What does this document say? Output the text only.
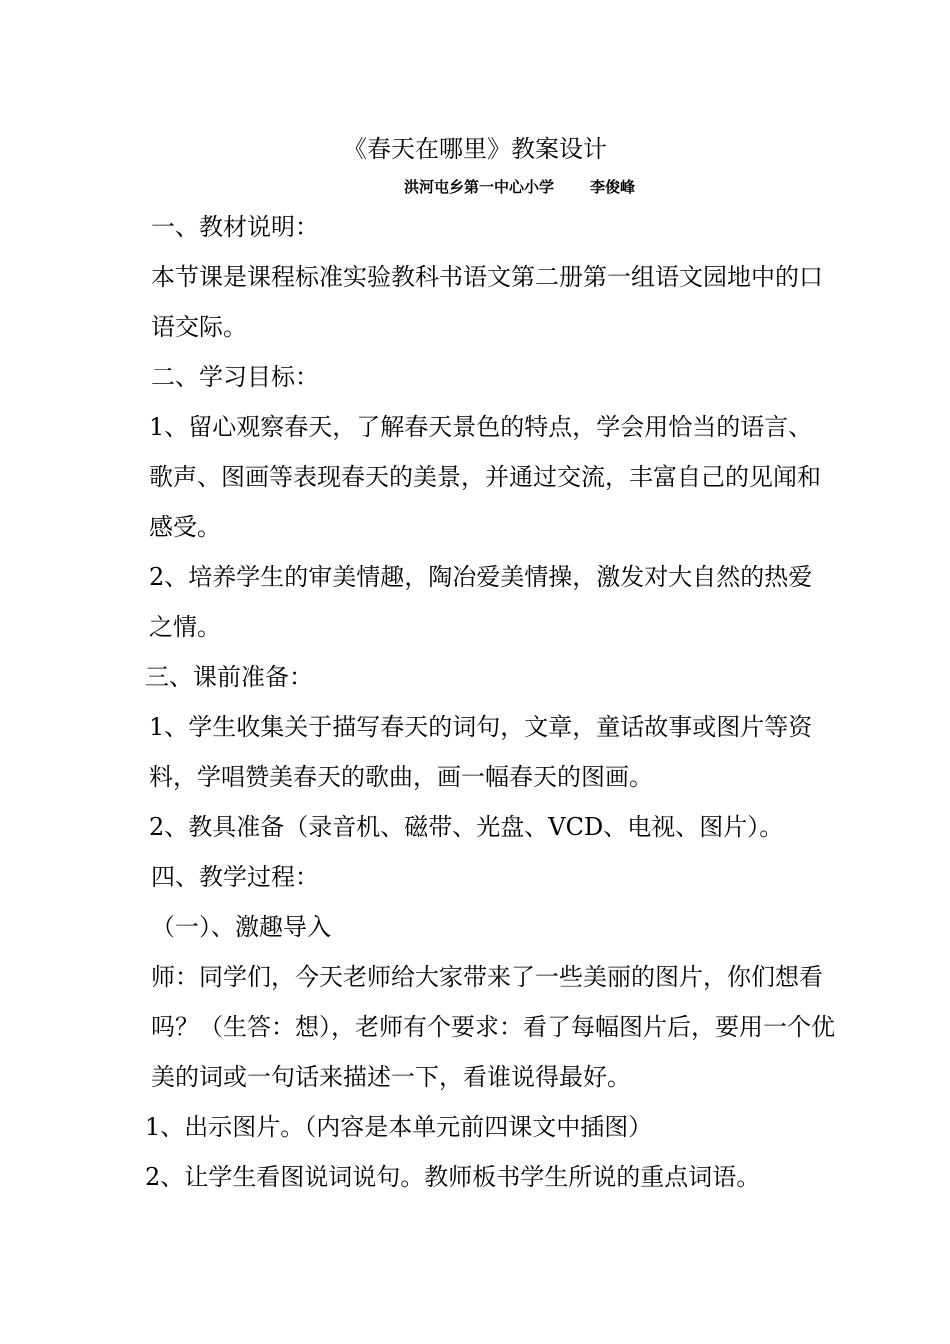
《春天在哪里》教案设计
洪河屯乡第一中心小学 李俊峰

一、教材说明：

本节课是课程标准实验教科书语文第二册第一组语文园地中的口语交际。

二、学习目标：

1、留心观察春天，了解春天景色的特点，学会用恰当的语言、歌声、图画等表现春天的美景，并通过交流，丰富自己的见闻和感受。

2、培养学生的审美情趣，陶冶爱美情操，激发对大自然的热爱之情。

三、课前准备：

1、学生收集关于描写春天的词句，文章，童话故事或图片等资料，学唱赞美春天的歌曲，画一幅春天的图画。

2、教具准备（录音机、磁带、光盘、VCD、电视、图片）。

四、教学过程：

（一）、激趣导入

师：同学们，今天老师给大家带来了一些美丽的图片，你们想看吗？（生答：想），老师有个要求：看了每幅图片后，要用一个优美的词或一句话来描述一下，看谁说得最好。

1、出示图片。（内容是本单元前四课文中插图）

2、让学生看图说词说句。教师板书学生所说的重点词语。
